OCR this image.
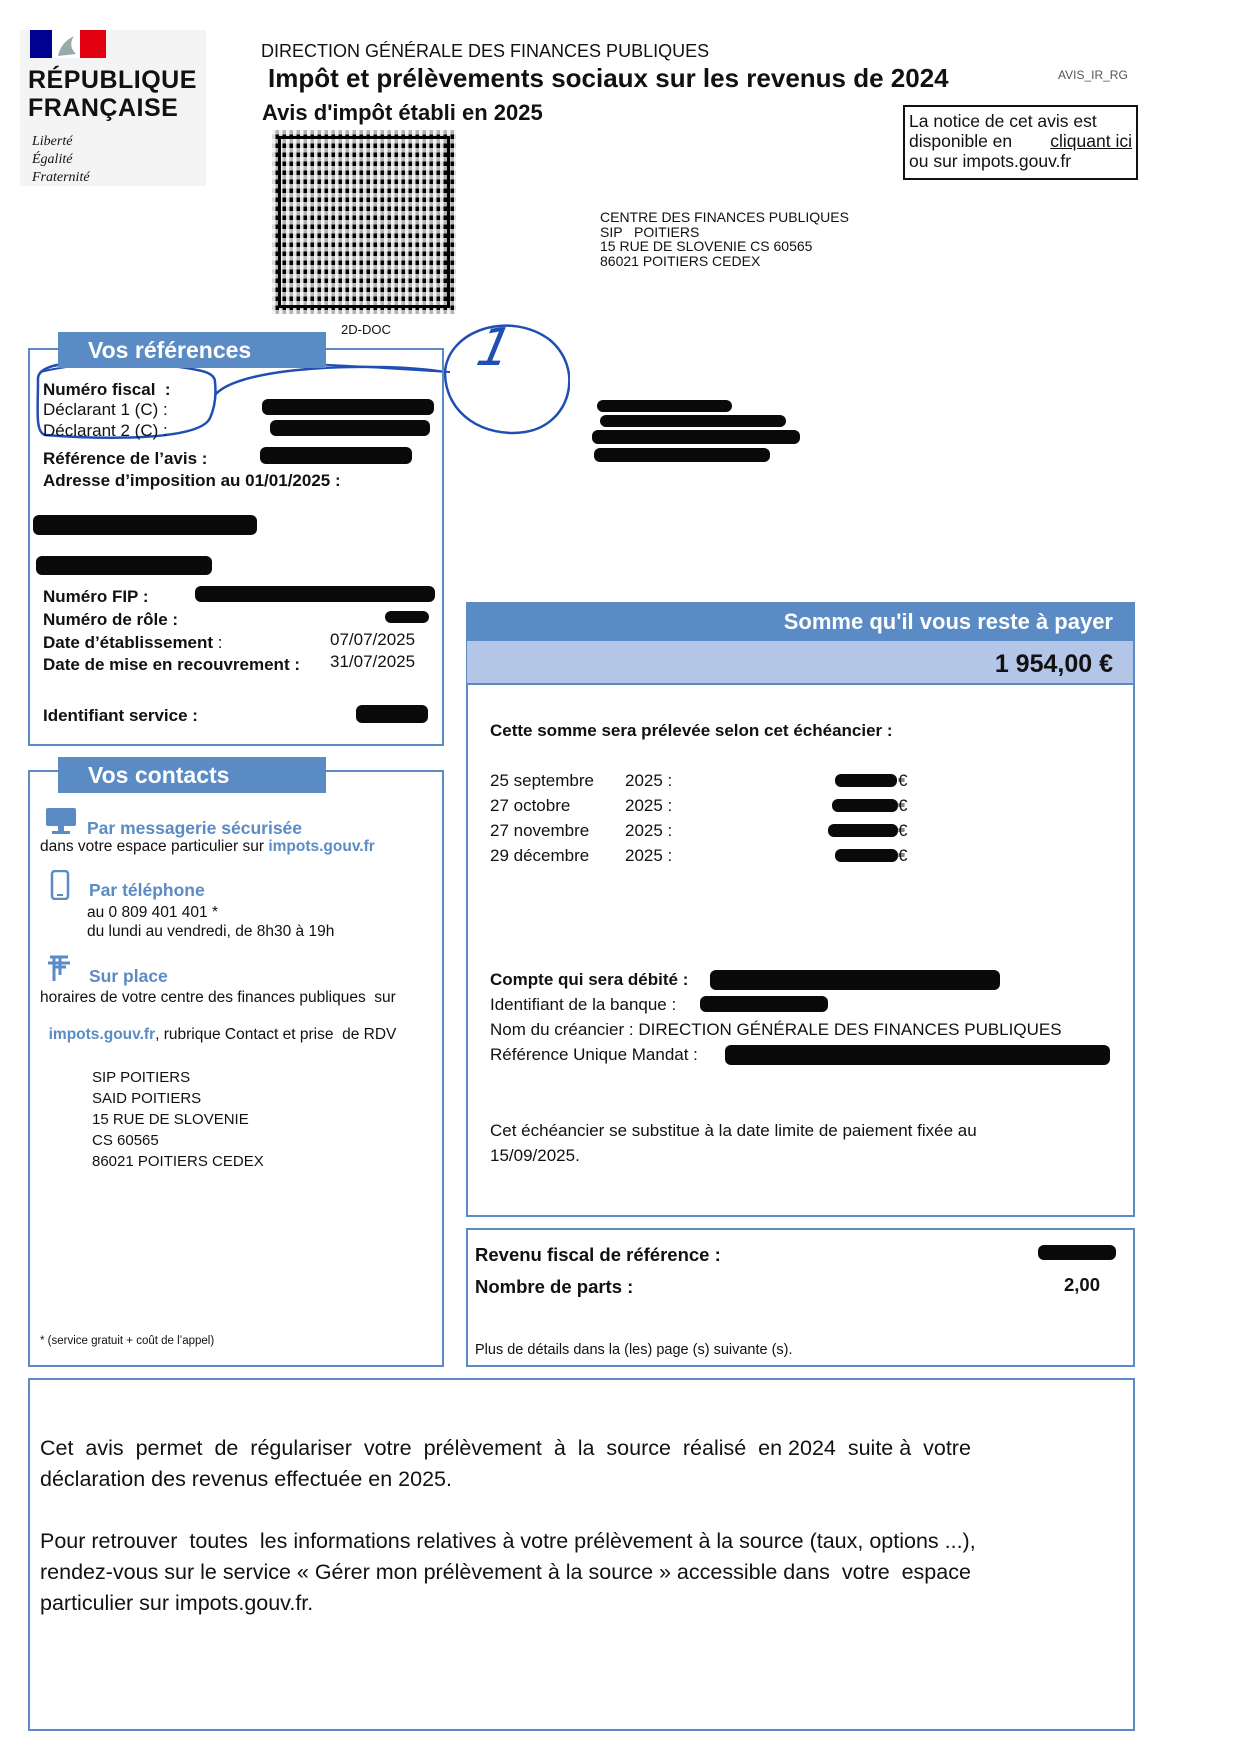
RÉPUBLIQUE
FRANÇAISE
Liberté
Égalité
Fraternité
DIRECTION GÉNÉRALE DES FINANCES PUBLIQUES
Impôt et prélèvements sociaux sur les revenus de 2024	AVIS_IR_RG
Avis d'impôt établi en 2025	La notice de cet avis est
disponible en cliquant ici
ou sur impots.gouv.fr
2D-DOC
CENTRE DES FINANCES PUBLIQUES
SIP   POITIERS
15 RUE DE SLOVENIE CS 60565
86021 POITIERS CEDEX
1
Vos références
Numéro fiscal  :
Déclarant 1 (C) :
Déclarant 2 (C) :
Référence de l’avis :
Adresse d’imposition au 01/01/2025 :
Numéro FIP :
Numéro de rôle :
Date d’établissement :	07/07/2025
Date de mise en recouvrement : 31/07/2025
Identifiant service :
Vos contacts
Par messagerie sécurisée
dans votre espace particulier sur impots.gouv.fr
Par téléphone
au 0 809 401 401 *
du lundi au vendredi, de 8h30 à 19h
Sur place
horaires de votre centre des finances publiques  sur

impots.gouv.fr, rubrique Contact et prise  de RDV

SIP POITIERS
SAID POITIERS
15 RUE DE SLOVENIE
CS 60565
86021 POITIERS CEDEX
* (service gratuit + coût de l’appel)
Somme qu'il vous reste à payer
1 954,00 €
Cette somme sera prélevée selon cet échéancier :
25 septembre 2025 :	€
27 octobre	2025 :	€
27 novembre 2025 :	€
29 décembre 2025 :	€
Compte qui sera débité :
Identifiant de la banque :
Nom du créancier : DIRECTION GÉNÉRALE DES FINANCES PUBLIQUES
Référence Unique Mandat :
Cet échéancier se substitue à la date limite de paiement fixée au
15/09/2025.
Revenu fiscal de référence :
Nombre de parts :	2,00
Plus de détails dans la (les) page (s) suivante (s).
Cet  avis  permet  de  régulariser  votre  prélèvement  à  la  source  réalisé  en 2024  suite à  votre
déclaration des revenus effectuée en 2025.
Pour retrouver  toutes  les informations relatives à votre prélèvement à la source (taux, options ...),
rendez-vous sur le service « Gérer mon prélèvement à la source » accessible dans  votre  espace
particulier sur impots.gouv.fr.
